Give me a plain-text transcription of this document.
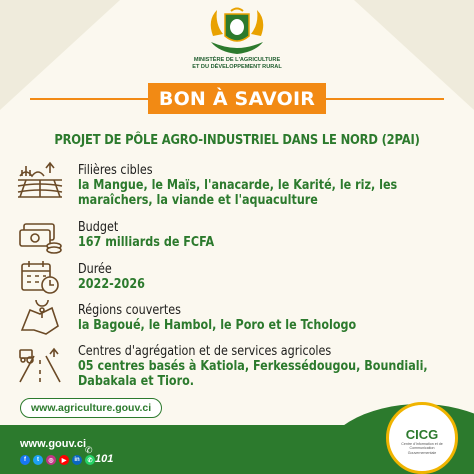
MINISTÈRE DE L'AGRICULTURE
ET DU DÉVELOPPEMENT RURAL
BON À SAVOIR
PROJET DE PÔLE AGRO-INDUSTRIEL DANS LE NORD (2PAI)
Filières cibles
la Mangue, le Maïs, l'anacarde, le Karité, le riz, les
maraîchers, la viande et l'aquaculture
Budget
167 milliards de FCFA
Durée
2022-2026
Régions couvertes
la Bagoué, le Hambol, le Poro et le Tchologo
Centres d'agrégation et de services agricoles
05 centres basés à Katiola, Ferkessédougou, Boundiali,
Dabakala et Tioro.
www.agriculture.gouv.ci
www.gouv.ci
f	t	◎	▶	in	✆
✆
101
CICG
Centre d'Information et de Communication Gouvernementale
